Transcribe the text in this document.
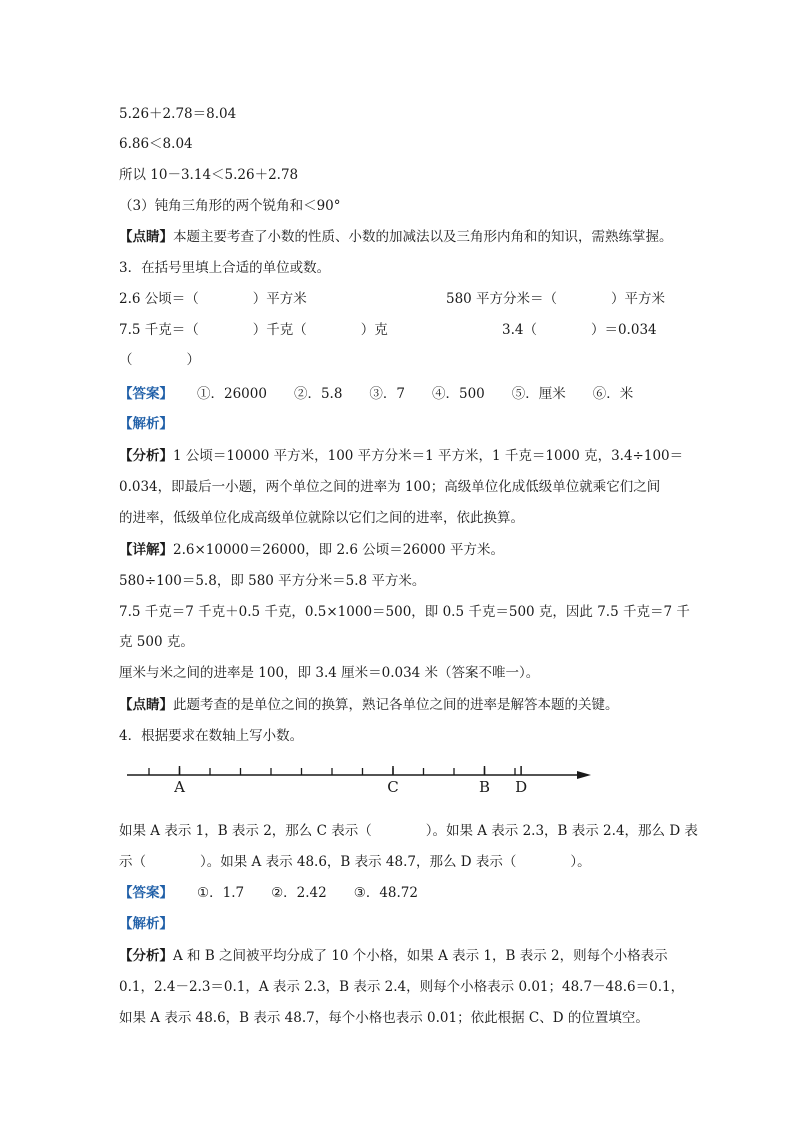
5.26＋2.78＝8.04
6.86＜8.04
所以 10－3.14＜5.26＋2.78
（3）钝角三角形的两个锐角和＜90°
【点睛】本题主要考查了小数的性质、小数的加减法以及三角形内角和的知识，需熟练掌握。
3．在括号里填上合适的单位或数。
2.6 公顷＝（　　　　）平方米	580 平方分米＝（　　　　）平方米
7.5 千克＝（　　　　）千克（　　　　）克	3.4（　　　　）＝0.034
（　　　　）
【答案】 ①．26000　　②．5.8　　③．7　　④．500　　⑤．厘米　　⑥．米
【解析】
【分析】1 公顷＝10000 平方米，100 平方分米＝1 平方米，1 千克＝1000 克，3.4÷100＝
0.034，即最后一小题，两个单位之间的进率为 100；高级单位化成低级单位就乘它们之间
的进率，低级单位化成高级单位就除以它们之间的进率，依此换算。
【详解】2.6×10000＝26000，即 2.6 公顷＝26000 平方米。
580÷100＝5.8，即 580 平方分米＝5.8 平方米。
7.5 千克＝7 千克＋0.5 千克，0.5×1000＝500，即 0.5 千克＝500 克，因此 7.5 千克＝7 千
克 500 克。
厘米与米之间的进率是 100，即 3.4 厘米＝0.034 米（答案不唯一）。
【点睛】此题考查的是单位之间的换算，熟记各单位之间的进率是解答本题的关键。
4．根据要求在数轴上写小数。
A	C	B D
如果 A 表示 1，B 表示 2，那么 C 表示（　　　　）。如果 A 表示 2.3，B 表示 2.4，那么 D 表
示（　　　　）。如果 A 表示 48.6，B 表示 48.7，那么 D 表示（　　　　）。
【答案】 ①．1.7　　②．2.42　　③．48.72
【解析】
【分析】A 和 B 之间被平均分成了 10 个小格，如果 A 表示 1，B 表示 2，则每个小格表示
0.1，2.4－2.3＝0.1，A 表示 2.3，B 表示 2.4，则每个小格表示 0.01；48.7－48.6＝0.1，
如果 A 表示 48.6，B 表示 48.7，每个小格也表示 0.01；依此根据 C、D 的位置填空。
